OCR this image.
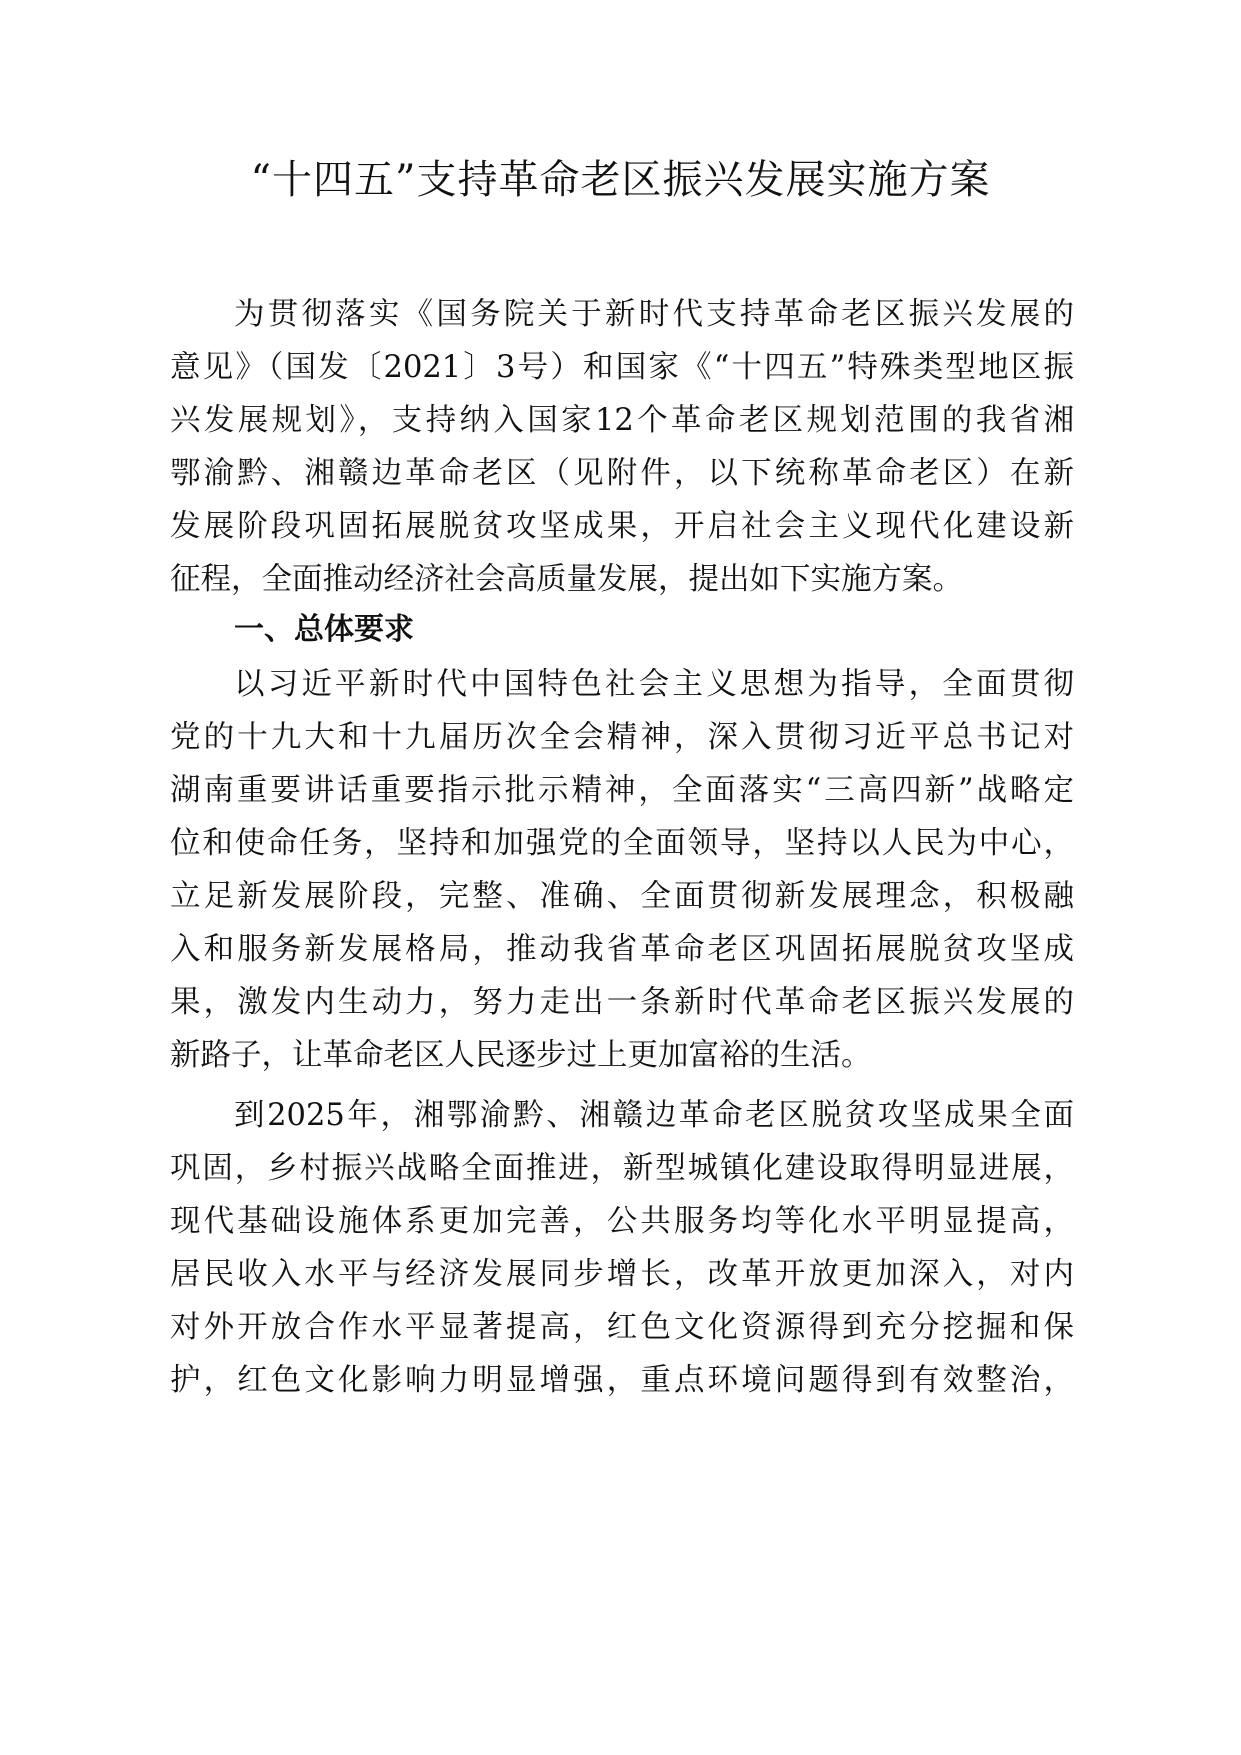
“十四五”支持革命老区振兴发展实施方案
为贯彻落实《国务院关于新时代支持革命老区振兴发展的
意见》（国发〔2021〕3号）和国家《“十四五”特殊类型地区振
兴发展规划》，支持纳入国家12个革命老区规划范围的我省湘
鄂渝黔、湘赣边革命老区（见附件，以下统称革命老区）在新
发展阶段巩固拓展脱贫攻坚成果，开启社会主义现代化建设新
征程，全面推动经济社会高质量发展，提出如下实施方案。
一、总体要求
以习近平新时代中国特色社会主义思想为指导，全面贯彻
党的十九大和十九届历次全会精神，深入贯彻习近平总书记对
湖南重要讲话重要指示批示精神，全面落实“三高四新”战略定
位和使命任务，坚持和加强党的全面领导，坚持以人民为中心，
立足新发展阶段，完整、准确、全面贯彻新发展理念，积极融
入和服务新发展格局，推动我省革命老区巩固拓展脱贫攻坚成
果，激发内生动力，努力走出一条新时代革命老区振兴发展的
新路子，让革命老区人民逐步过上更加富裕的生活。
到2025年，湘鄂渝黔、湘赣边革命老区脱贫攻坚成果全面
巩固，乡村振兴战略全面推进，新型城镇化建设取得明显进展，
现代基础设施体系更加完善，公共服务均等化水平明显提高，
居民收入水平与经济发展同步增长，改革开放更加深入，对内
对外开放合作水平显著提高，红色文化资源得到充分挖掘和保
护，红色文化影响力明显增强，重点环境问题得到有效整治，
